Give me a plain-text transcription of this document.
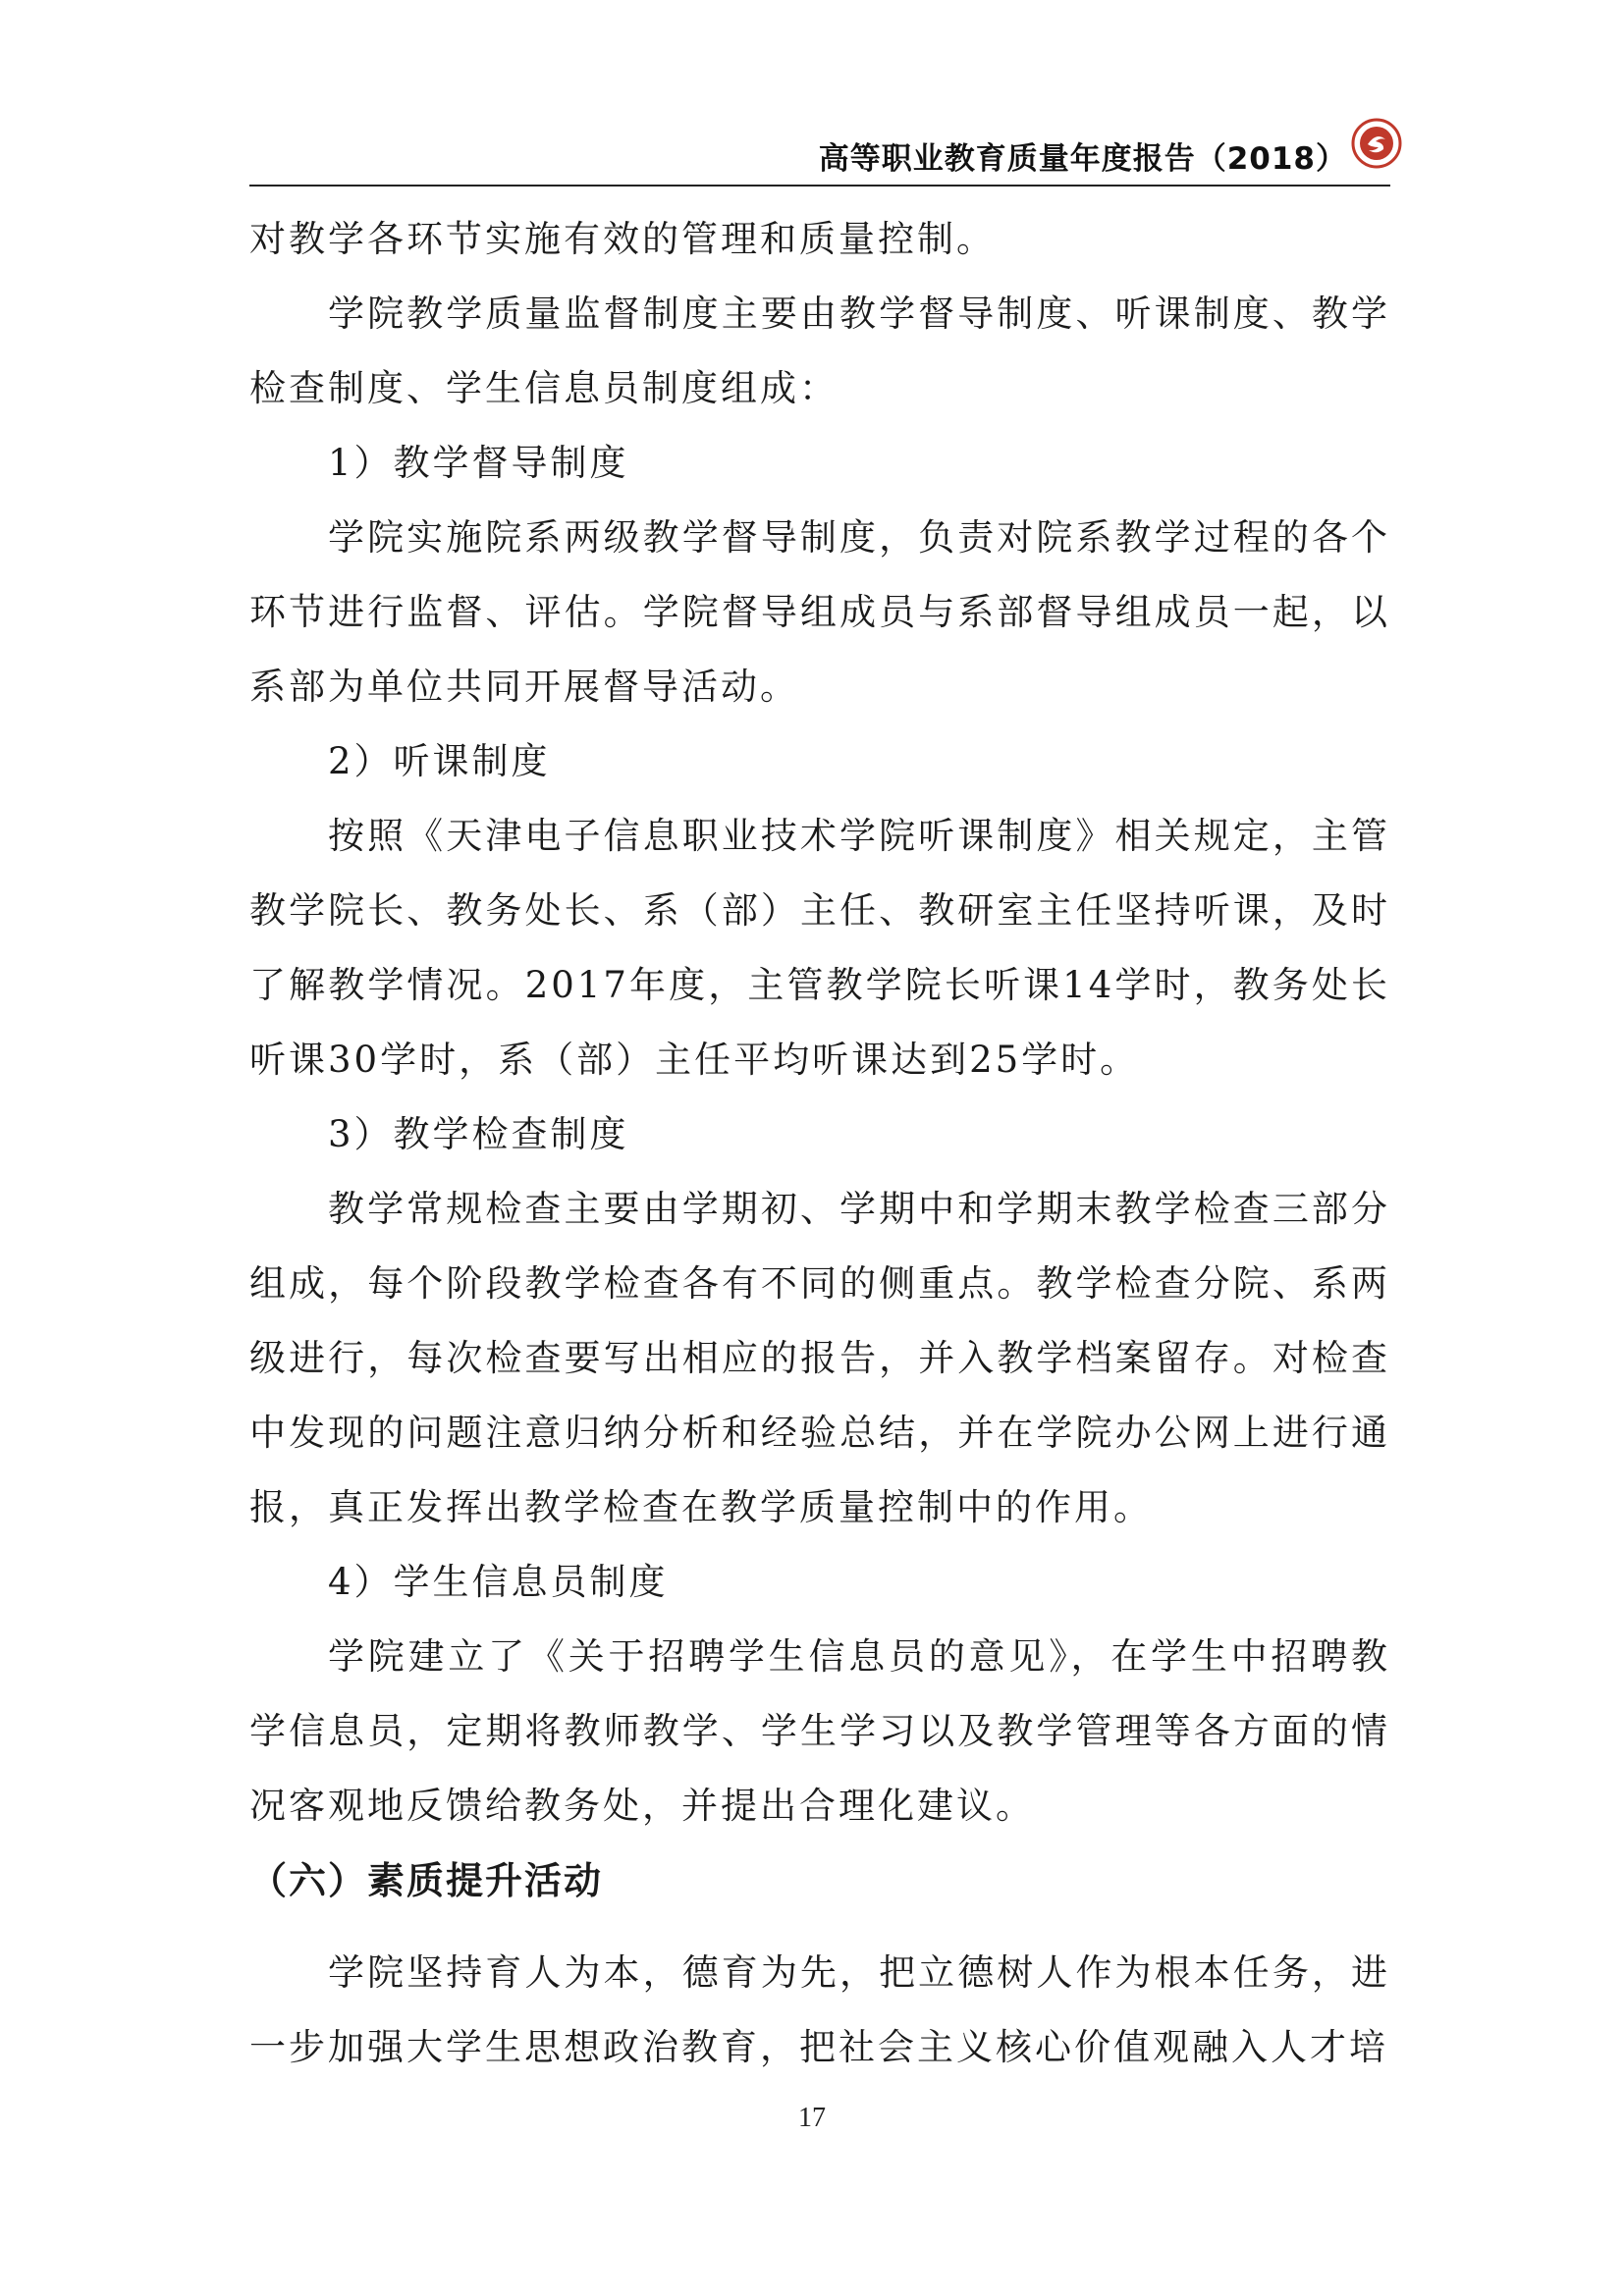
高等职业教育质量年度报告（2018）

对教学各环节实施有效的管理和质量控制。

学院教学质量监督制度主要由教学督导制度、听课制度、教学检查制度、学生信息员制度组成：

1）教学督导制度

学院实施院系两级教学督导制度，负责对院系教学过程的各个环节进行监督、评估。学院督导组成员与系部督导组成员一起，以系部为单位共同开展督导活动。

2）听课制度

按照《天津电子信息职业技术学院听课制度》相关规定，主管教学院长、教务处长、系（部）主任、教研室主任坚持听课，及时了解教学情况。2017年度，主管教学院长听课14学时，教务处长听课30学时，系（部）主任平均听课达到25学时。

3）教学检查制度

教学常规检查主要由学期初、学期中和学期末教学检查三部分组成，每个阶段教学检查各有不同的侧重点。教学检查分院、系两级进行，每次检查要写出相应的报告，并入教学档案留存。对检查中发现的问题注意归纳分析和经验总结，并在学院办公网上进行通报，真正发挥出教学检查在教学质量控制中的作用。

4）学生信息员制度

学院建立了《关于招聘学生信息员的意见》，在学生中招聘教学信息员，定期将教师教学、学生学习以及教学管理等各方面的情况客观地反馈给教务处，并提出合理化建议。

（六）素质提升活动

学院坚持育人为本，德育为先，把立德树人作为根本任务，进一步加强大学生思想政治教育，把社会主义核心价值观融入人才培

17
